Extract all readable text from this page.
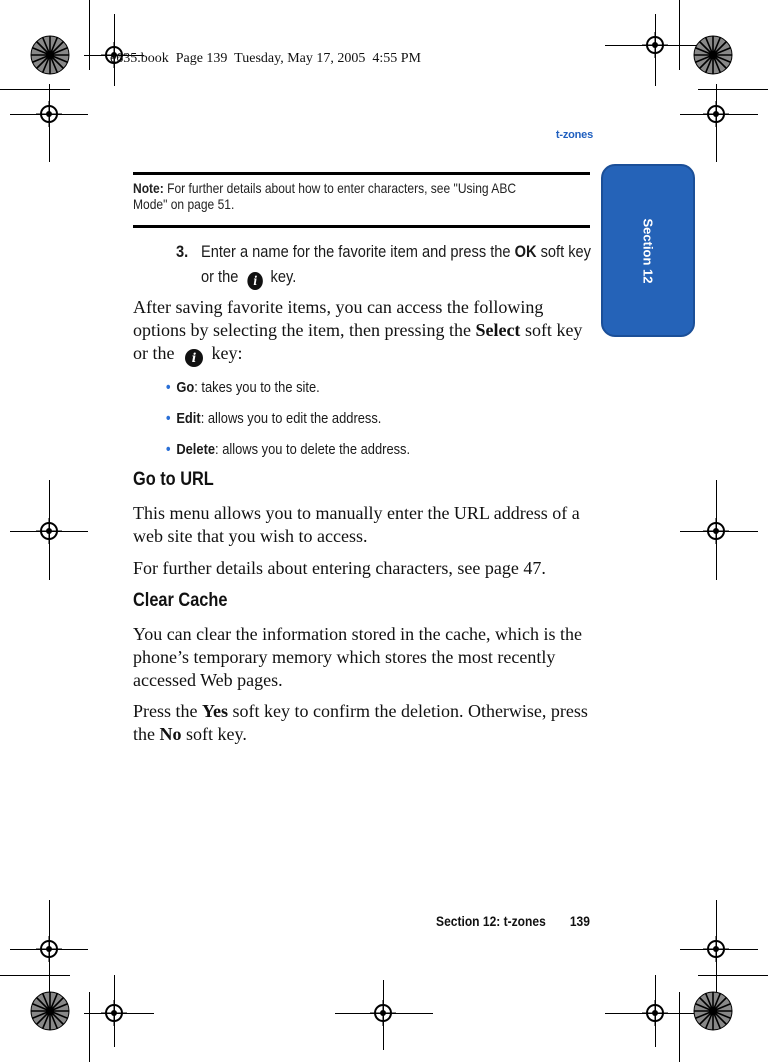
e635.book  Page 139  Tuesday, May 17, 2005  4:55 PM
t-zones
Section 12
Note: For further details about how to enter characters, see "Using ABC Mode" on page 51.
3. Enter a name for the favorite item and press the OK soft key or the i key.
After saving favorite items, you can access the following options by selecting the item, then pressing the Select soft key or the i key:
• Go: takes you to the site.
• Edit: allows you to edit the address.
• Delete: allows you to delete the address.
Go to URL
This menu allows you to manually enter the URL address of a web site that you wish to access.
For further details about entering characters, see page 47.
Clear Cache
You can clear the information stored in the cache, which is the phone’s temporary memory which stores the most recently accessed Web pages.
Press the Yes soft key to confirm the deletion. Otherwise, press the No soft key.
Section 12: t-zones 139
